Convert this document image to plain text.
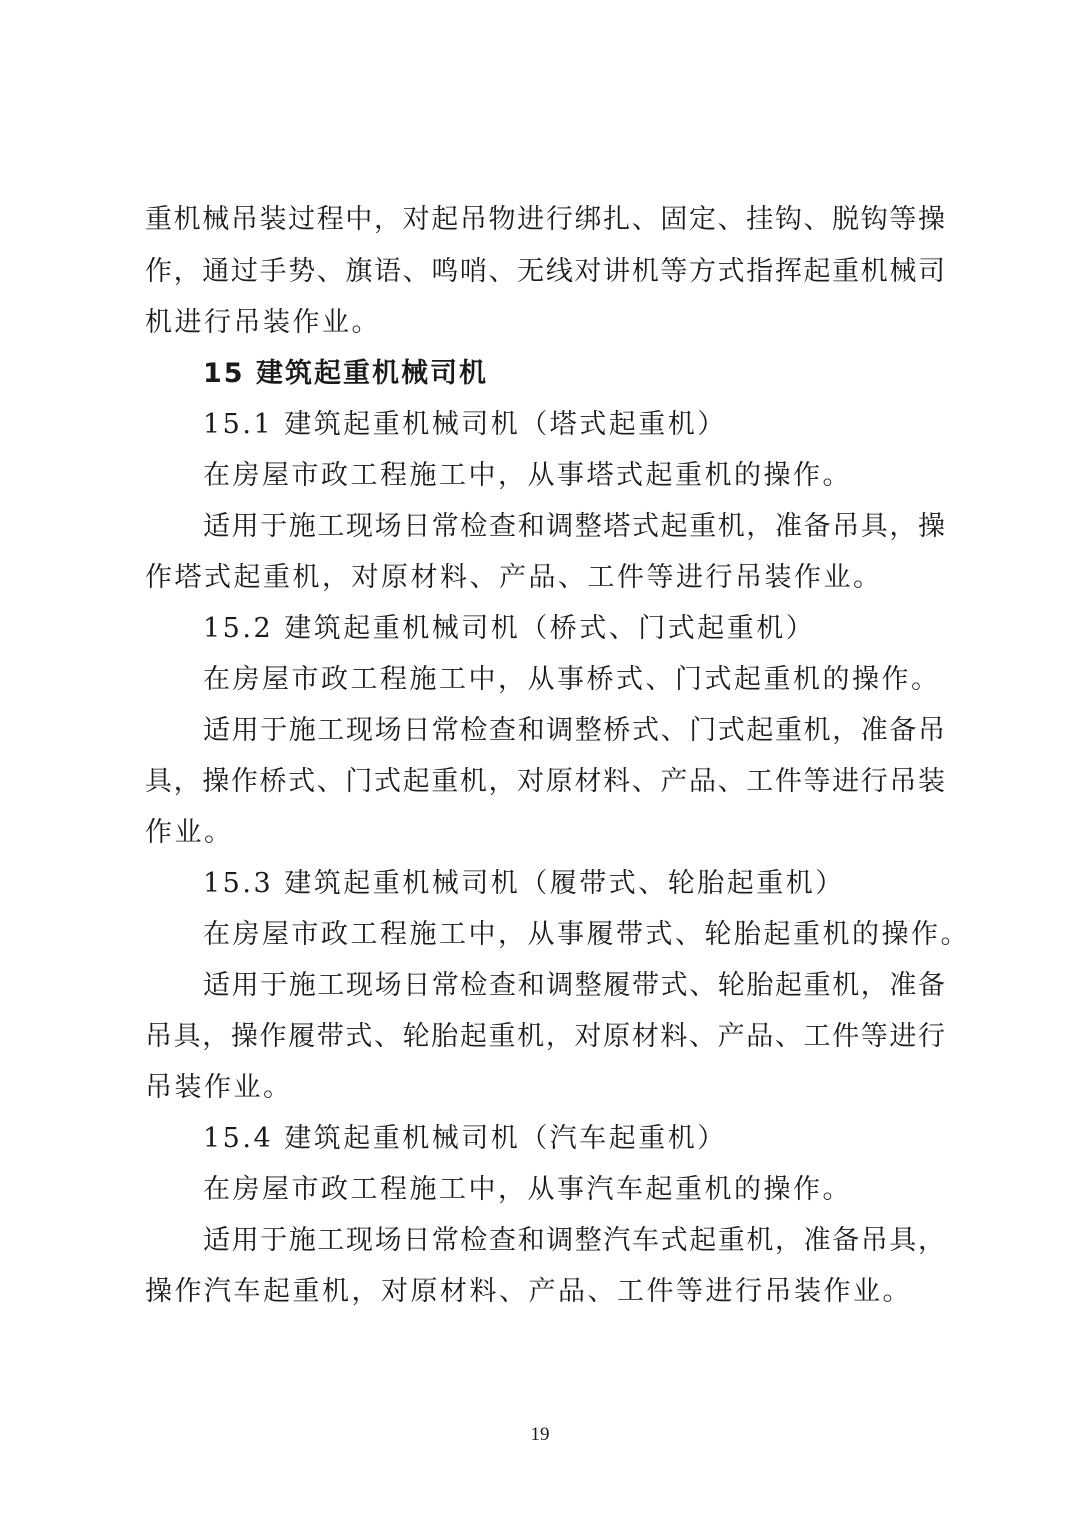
重机械吊装过程中，对起吊物进行绑扎、固定、挂钩、脱钩等操
作，通过手势、旗语、鸣哨、无线对讲机等方式指挥起重机械司
机进行吊装作业。
15 建筑起重机械司机
15.1 建筑起重机械司机（塔式起重机）
在房屋市政工程施工中，从事塔式起重机的操作。
适用于施工现场日常检查和调整塔式起重机，准备吊具，操
作塔式起重机，对原材料、产品、工件等进行吊装作业。
15.2 建筑起重机械司机（桥式、门式起重机）
在房屋市政工程施工中，从事桥式、门式起重机的操作。
适用于施工现场日常检查和调整桥式、门式起重机，准备吊
具，操作桥式、门式起重机，对原材料、产品、工件等进行吊装
作业。
15.3 建筑起重机械司机（履带式、轮胎起重机）
在房屋市政工程施工中，从事履带式、轮胎起重机的操作。
适用于施工现场日常检查和调整履带式、轮胎起重机，准备
吊具，操作履带式、轮胎起重机，对原材料、产品、工件等进行
吊装作业。
15.4 建筑起重机械司机（汽车起重机）
在房屋市政工程施工中，从事汽车起重机的操作。
适用于施工现场日常检查和调整汽车式起重机，准备吊具，
操作汽车起重机，对原材料、产品、工件等进行吊装作业。
19
